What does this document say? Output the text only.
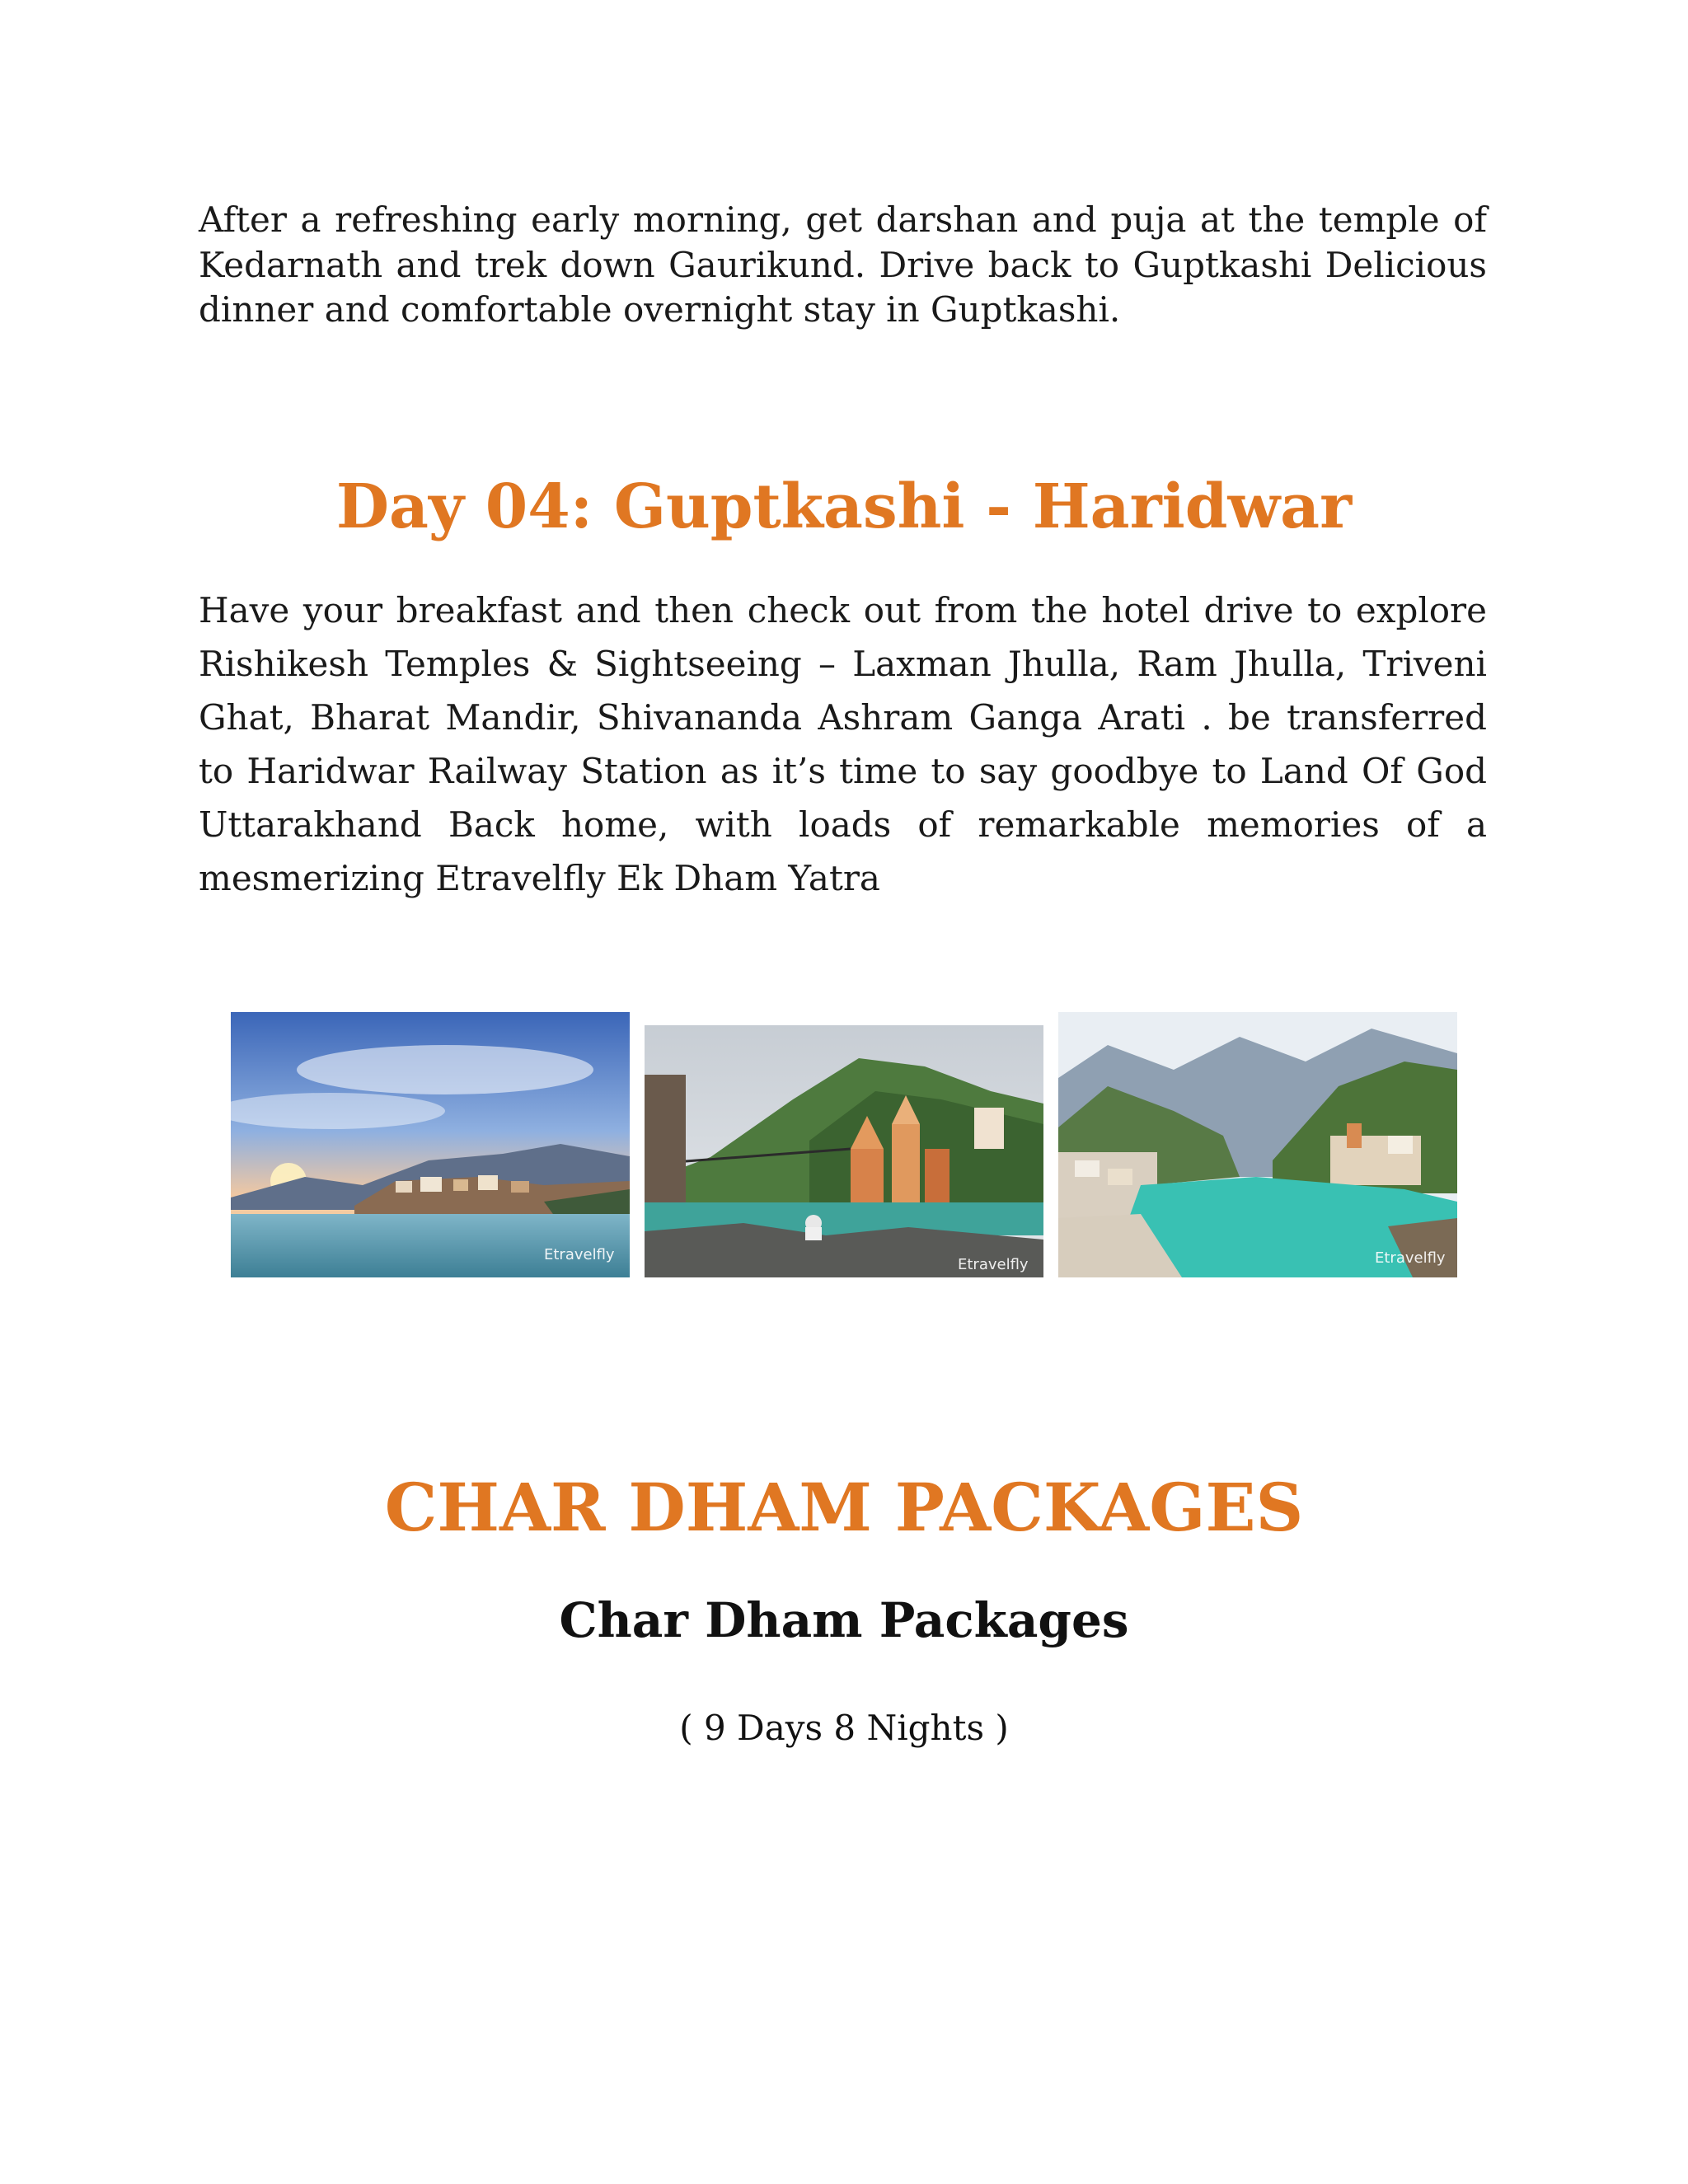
After a refreshing early morning, get darshan and puja at the temple of Kedarnath and trek down Gaurikund. Drive back to Guptkashi Delicious dinner and comfortable overnight stay in Guptkashi.

Day 04: Guptkashi - Haridwar

Have your breakfast and then check out from the hotel drive to explore Rishikesh Temples & Sightseeing – Laxman Jhulla, Ram Jhulla, Triveni Ghat, Bharat Mandir, Shivananda Ashram Ganga Arati . be transferred to Haridwar Railway Station as it’s time to say goodbye to Land Of God Uttarakhand Back home, with loads of remarkable memories of a mesmerizing Etravelfly Ek Dham Yatra

Etravelfly
Etravelfly	Etravelfly
CHAR DHAM PACKAGES
Char Dham Packages

( 9 Days 8 Nights )
